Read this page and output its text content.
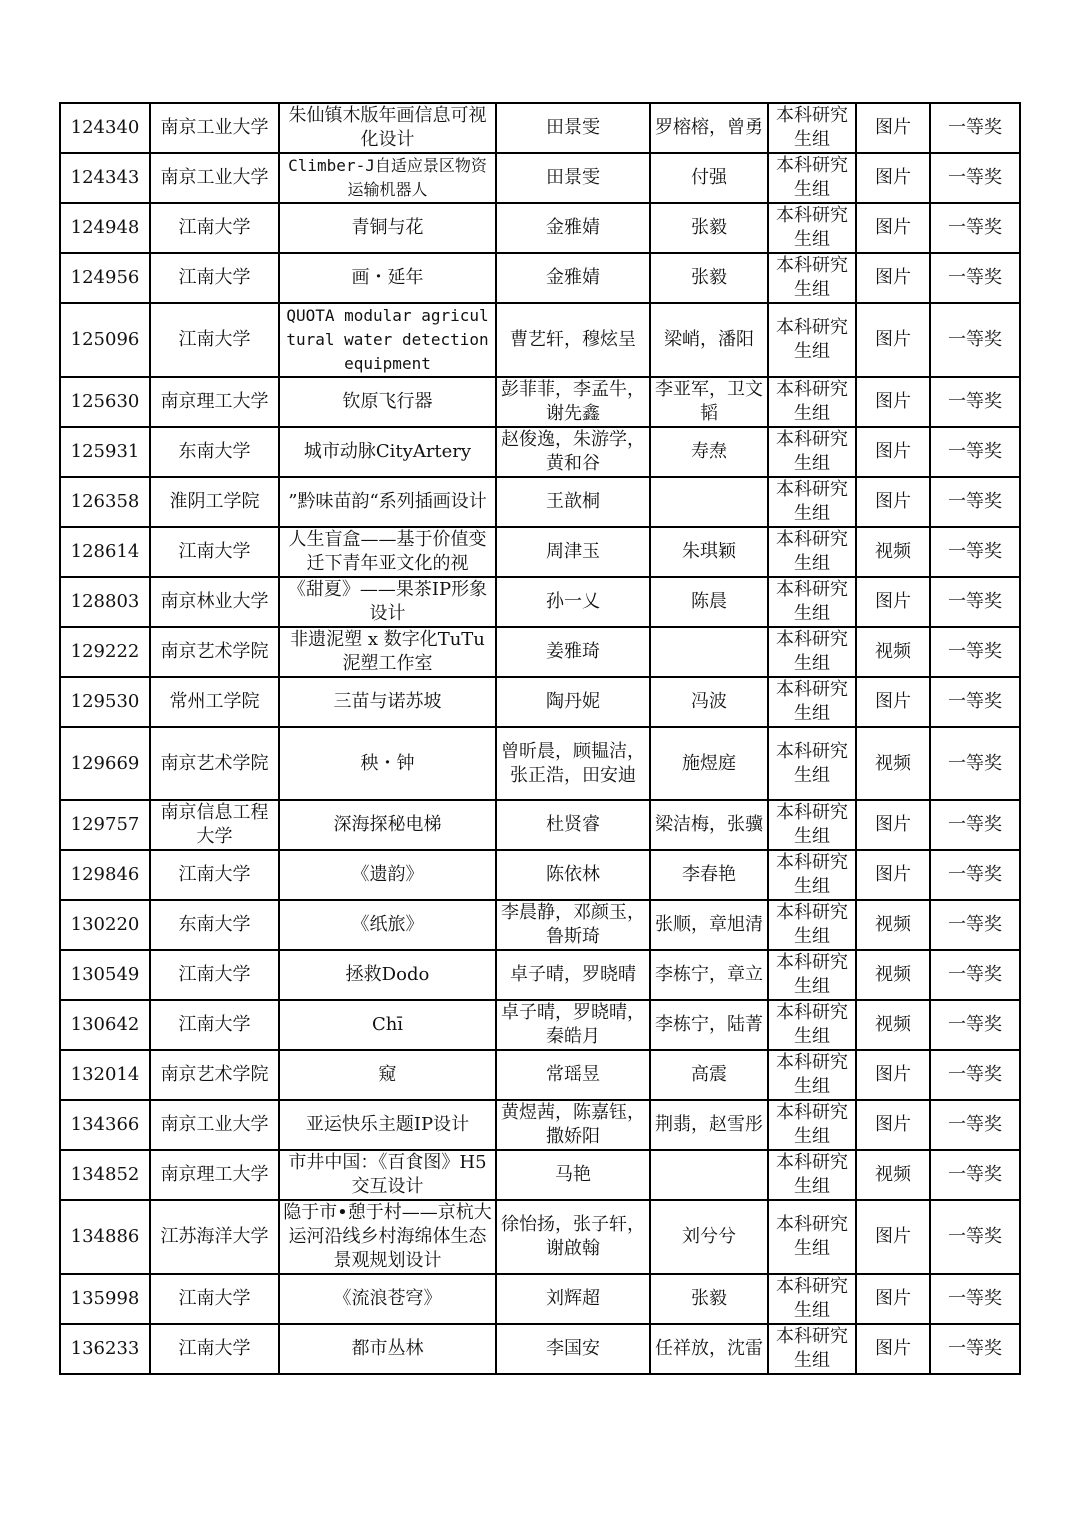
124340	南京工业大学	朱仙镇木版年画信息可视化设计	田景雯	罗榕榕，曾勇	本科研究生组	图片	一等奖
124343	南京工业大学	Climber-J自适应景区物资运输机器人	田景雯	付强	本科研究生组	图片	一等奖
124948	江南大学	青铜与花	金雅婧	张毅	本科研究生组	图片	一等奖
124956	江南大学	画・延年	金雅婧	张毅	本科研究生组	图片	一等奖
125096	江南大学	QUOTA modular agricultural water detection equipment	曹艺轩，穆炫呈	梁峭，潘阳	本科研究生组	图片	一等奖
125630	南京理工大学	钦原飞行器	彭菲菲，李孟牛，谢先鑫	李亚军，卫文韬	本科研究生组	图片	一等奖
125931	东南大学	城市动脉CityArtery	赵俊逸，朱游学，黄和谷	寿焘	本科研究生组	图片	一等奖
126358	淮阴工学院	”黔味苗韵“系列插画设计	王歆桐		本科研究生组	图片	一等奖
128614	江南大学	人生盲盒——基于价值变迁下青年亚文化的视	周津玉	朱琪颖	本科研究生组	视频	一等奖
128803	南京林业大学	《甜夏》——果茶IP形象设计	孙一乂	陈晨	本科研究生组	图片	一等奖
129222	南京艺术学院	非遗泥塑 x 数字化TuTu泥塑工作室	姜雅琦		本科研究生组	视频	一等奖
129530	常州工学院	三苗与诺苏坡	陶丹妮	冯波	本科研究生组	图片	一等奖
129669	南京艺术学院	秧・钟	曾昕晨，顾韫洁，张正浩，田安迪	施煜庭	本科研究生组	视频	一等奖
129757	南京信息工程大学	深海探秘电梯	杜贤睿	梁洁梅，张骥	本科研究生组	图片	一等奖
129846	江南大学	《遗韵》	陈依林	李春艳	本科研究生组	图片	一等奖
130220	东南大学	《纸旅》	李晨静，邓颜玉，鲁斯琦	张顺，章旭清	本科研究生组	视频	一等奖
130549	江南大学	拯救Dodo	卓子晴，罗晓晴	李栋宁，章立	本科研究生组	视频	一等奖
130642	江南大学	Chī	卓子晴，罗晓晴，秦皓月	李栋宁，陆菁	本科研究生组	视频	一等奖
132014	南京艺术学院	窥	常瑶昱	高震	本科研究生组	图片	一等奖
134366	南京工业大学	亚运快乐主题IP设计	黄煜茜，陈嘉钰，撒娇阳	荆翡，赵雪彤	本科研究生组	图片	一等奖
134852	南京理工大学	市井中国：《百食图》H5交互设计	马艳		本科研究生组	视频	一等奖
134886	江苏海洋大学	隐于市•憩于村——京杭大运河沿线乡村海绵体生态景观规划设计	徐怡扬，张子轩，谢啟翰	刘兮兮	本科研究生组	图片	一等奖
135998	江南大学	《流浪苍穹》	刘辉超	张毅	本科研究生组	图片	一等奖
136233	江南大学	都市丛林	李国安	任祥放，沈雷	本科研究生组	图片	一等奖
